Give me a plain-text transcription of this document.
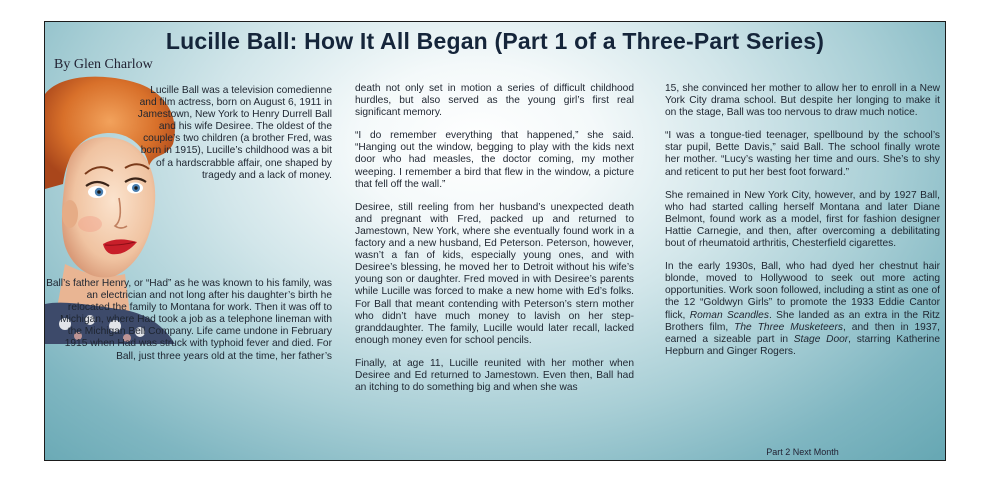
Lucille Ball: How It All Began (Part 1 of a Three-Part Series)
By Glen Charlow
Lucille Ball was a television comedienne and film actress, born on August 6, 1911 in Jamestown, New York to Henry Durrell Ball and his wife Desiree. The oldest of the couple’s two children (a brother Fred, was born in 1915), Lucille’s childhood was a bit of a hardscrabble affair, one shaped by tragedy and a lack of money.
Ball’s father Henry, or “Had” as he was known to his family, was an electrician and not long after his daughter’s birth he relocated the family to Montana for work. Then it was off to Michigan, where Had took a job as a telephone lineman with the Michigan Bell Company. Life came undone in February 1915 when Had was struck with typhoid fever and died. For Ball, just three years old at the time, her father’s

death not only set in motion a series of difficult childhood hurdles, but also served as the young girl’s first real significant memory.

“I do remember everything that happened,” she said. “Hanging out the window, begging to play with the kids next door who had measles, the doctor coming, my mother weeping. I remember a bird that flew in the window, a picture that fell off the wall.”

Desiree, still reeling from her husband’s unexpected death and pregnant with Fred, packed up and returned to Jamestown, New York, where she eventually found work in a factory and a new husband, Ed Peterson. Peterson, however, wasn’t a fan of kids, especially young ones, and with Desiree’s blessing, he moved her to Detroit without his wife’s young son or daughter. Fred moved in with Desiree’s parents while Lucille was forced to make a new home with Ed’s folks. For Ball that meant contending with Peterson’s stern mother who didn’t have much money to lavish on her step-granddaughter. The family, Lucille would later recall, lacked enough money even for school pencils.

Finally, at age 11, Lucille reunited with her mother when Desiree and Ed returned to Jamestown. Even then, Ball had an itching to do something big and when she was

15, she convinced her mother to allow her to enroll in a New York City drama school. But despite her longing to make it on the stage, Ball was too nervous to draw much notice.

“I was a tongue-tied teenager, spellbound by the school’s star pupil, Bette Davis,” said Ball. The school finally wrote her mother. “Lucy’s wasting her time and ours. She’s to shy and reticent to put her best foot forward.”

She remained in New York City, however, and by 1927 Ball, who had started calling herself Montana and later Diane Belmont, found work as a model, first for fashion designer Hattie Carnegie, and then, after overcoming a debilitating bout of rheumatoid arthritis, Chesterfield cigarettes.

In the early 1930s, Ball, who had dyed her chestnut hair blonde, moved to Hollywood to seek out more acting opportunities. Work soon followed, including a stint as one of the 12 “Goldwyn Girls” to promote the 1933 Eddie Cantor flick, Roman Scandles. She landed as an extra in the Ritz Brothers film, The Three Musketeers, and then in 1937, earned a sizeable part in Stage Door, starring Katherine Hepburn and Ginger Rogers.

Part 2 Next Month
